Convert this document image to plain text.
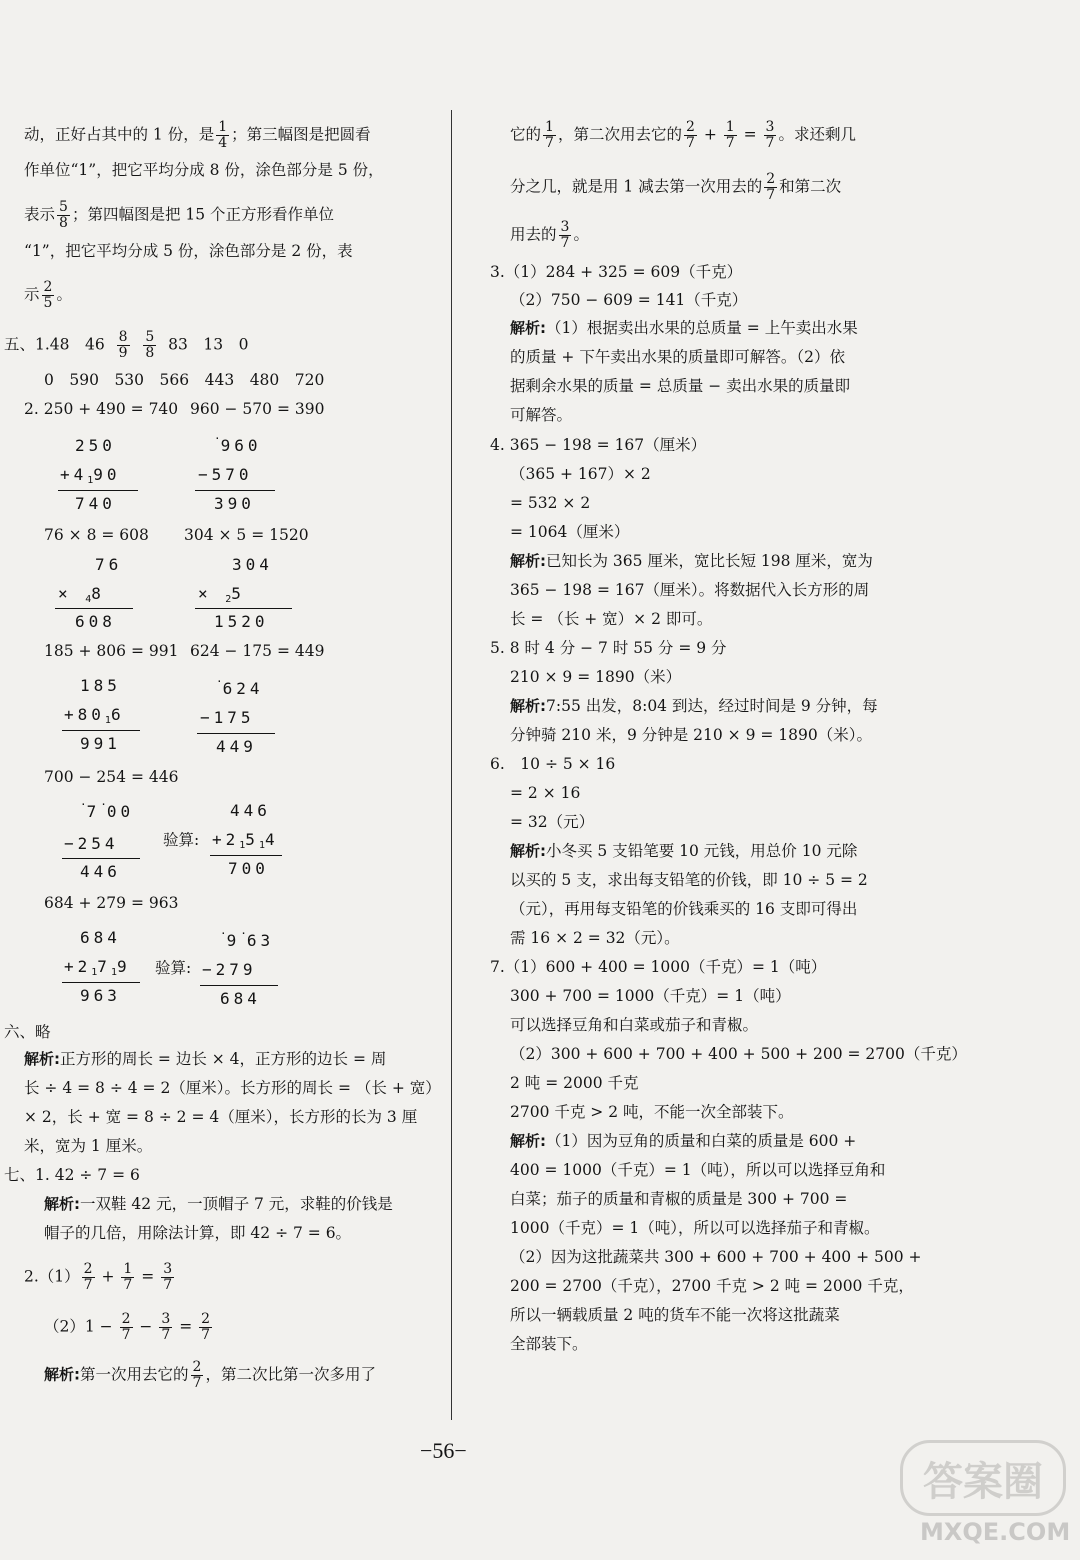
动，正好占其中的 1 份，是 $\frac{1}{4}$ ；第三幅图是把圆看
作单位“1”，把它平均分成 8 份，涂色部分是 5 份，
表示 $\frac{5}{8}$ ；第四幅图是把 15 个正方形看作单位
“1”，把它平均分成 5 份，涂色部分是 2 份，表
示 $\frac{2}{5}$ 。
五、1.48　$46 \frac{8}{9}$
$\frac{5}{8} 83$　13　0
0　590　530　566　443　480　720
2. 250 + 490 = 740 960 − 570 = 390
250
+4190
740
·960
−570
390
76 × 8 = 608 304 × 5 = 1520
76
× 48
608
304
× 25
1520
185 + 806 = 991 624 − 175 = 449
185
+8016
991
·624
−175
449
700 − 254 = 446
·7·00
−254
446
验算:
446
+21514
700
684 + 279 = 963
684
+21719
963
验算:
·9·63
−279
684
六、略
解析:正方形的周长 = 边长 × 4，正方形的边长 = 周
长 ÷ 4 = 8 ÷ 4 = 2（厘米）。长方形的周长 = （长 + 宽）
× 2，长 + 宽 = 8 ÷ 2 = 4（厘米），长方形的长为 3 厘
米，宽为 1 厘米。
七、1. 42 ÷ 7 = 6
解析:一双鞋 42 元，一顶帽子 7 元，求鞋的价钱是
帽子的几倍，用除法计算，即 42 ÷ 7 = 6。
$2.(1) \frac{2}{7} + \frac{1}{7} = \frac{3}{7}$
$(2)1 - \frac{2}{7} - \frac{3}{7} = \frac{2}{7}$
解析:第一次用去它的 $\frac{2}{7}$ ，第二次比第一次多用了
它的 $\frac{1}{7}$ ，第二次用去它的 $\frac{2}{7} + \frac{1}{7} = \frac{3}{7}$ 。求还剩几
分之几，就是用 1 减去第一次用去的 $\frac{2}{7}$ 和第二次
用去的 $\frac{3}{7}$ 。
3.（1）284 + 325 = 609（千克）
（2）750 − 609 = 141（千克）
解析:（1）根据卖出水果的总质量 = 上午卖出水果
的质量 + 下午卖出水果的质量即可解答。（2）依
据剩余水果的质量 = 总质量 − 卖出水果的质量即
可解答。
4. 365 − 198 = 167（厘米）
（365 + 167）× 2
= 532 × 2
= 1064（厘米）
解析:已知长为 365 厘米，宽比长短 198 厘米，宽为
365 − 198 = 167（厘米）。将数据代入长方形的周
长 = （长 + 宽）× 2 即可。
5. 8 时 4 分 − 7 时 55 分 = 9 分
210 × 9 = 1890（米）
解析:7:55 出发，8:04 到达，经过时间是 9 分钟，每
分钟骑 210 米，9 分钟是 210 × 9 = 1890（米）。
6.　10 ÷ 5 × 16
= 2 × 16
= 32（元）
解析:小冬买 5 支铅笔要 10 元钱，用总价 10 元除
以买的 5 支，求出每支铅笔的价钱，即 10 ÷ 5 = 2
（元），再用每支铅笔的价钱乘买的 16 支即可得出
需 16 × 2 = 32（元）。
7.（1）600 + 400 = 1000（千克）= 1（吨）
300 + 700 = 1000（千克）= 1（吨）
可以选择豆角和白菜或茄子和青椒。
（2）300 + 600 + 700 + 400 + 500 + 200 = 2700（千克）
2 吨 = 2000 千克
2700 千克 > 2 吨，不能一次全部装下。
解析:（1）因为豆角的质量和白菜的质量是 600 +
400 = 1000（千克）= 1（吨），所以可以选择豆角和
白菜；茄子的质量和青椒的质量是 300 + 700 =
1000（千克）= 1（吨），所以可以选择茄子和青椒。
（2）因为这批蔬菜共 300 + 600 + 700 + 400 + 500 +
200 = 2700（千克），2700 千克 > 2 吨 = 2000 千克，
所以一辆载质量 2 吨的货车不能一次将这批蔬菜
全部装下。
−56−
答案圈
MXQE.COM
